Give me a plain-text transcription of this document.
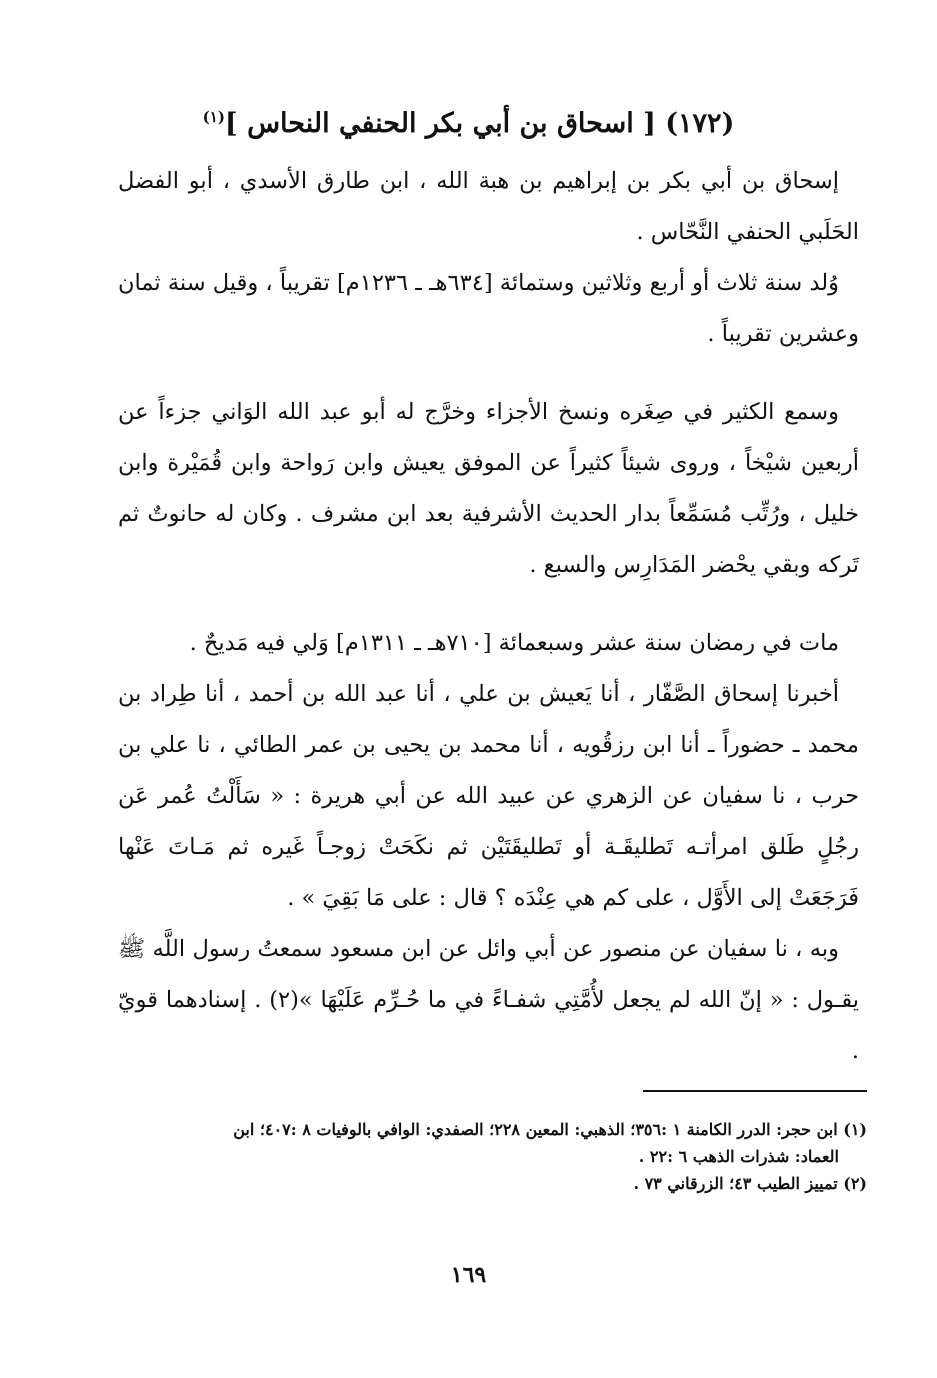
(١٧٢) [ اسحاق بن أبي بكر الحنفي النحاس ]$^{(١)}$

إسحاق بن أبي بكر بن إبراهيم بن هبة الله ، ابن طارق الأسدي ، أبو الفضل الحَلَبي الحنفي النَّحّاس .

وُلد سنة ثلاث أو أربع وثلاثين وستمائة [٦٣٤هـ ـ ١٢٣٦م] تقريباً ، وقيل سنة ثمان وعشرين تقريباً .

وسمع الكثير في صِغَره ونسخ الأجزاء وخرَّج له أبو عبد الله الوَاني جزءاً عن أربعين شيْخاً ، وروى شيئاً كثيراً عن الموفق يعيش وابن رَواحة وابن قُمَيْرة وابن خليل ، ورُتِّب مُسَمِّعاً بدار الحديث الأشرفية بعد ابن مشرف . وكان له حانوتٌ ثم تَركه وبقي يحْضر المَدَارِس والسبع .

مات في رمضان سنة عشر وسبعمائة [٧١٠هـ ـ ١٣١١م] وَلي فيه مَديحٌ .

أخبرنا إسحاق الصَّفّار ، أنا يَعيش بن علي ، أنا عبد الله بن أحمد ، أنا طِراد بن محمد ـ حضوراً ـ أنا ابن رزقُويه ، أنا محمد بن يحيى بن عمر الطائي ، نا علي بن حرب ، نا سفيان عن الزهري عن عبيد الله عن أبي هريرة : « سَأَلْتُ عُمر عَن رجُلٍ طَلق امرأتـه تَطليقَـة أو تَطليقَتَيْن ثم نكَحَتْ زوجـاً غَيره ثم مَـاتَ عَنْها فَرَجَعَتْ إلى الأَوَّل ، على كم هي عِنْدَه ؟ قال : على مَا بَقِيَ » .

وبه ، نا سفيان عن منصور عن أبي وائل عن ابن مسعود سمعتُ رسول اللَّه ﷺ يقـول : « إنّ الله لم يجعل لأُمَّتِي شفـاءً في ما حُـرِّم عَلَيْهَا »(٢) . إسنادهما قويّ .

(١) ابن حجر: الدرر الكامنة ١ :٣٥٦؛ الذهبي: المعين ٢٢٨؛ الصفدي: الوافي بالوفيات ٨ :٤٠٧؛ ابن

العماد: شذرات الذهب ٦ :٢٢ .

(٢) تمييز الطيب ٤٣؛ الزرقاني ٧٣ .

١٦٩
